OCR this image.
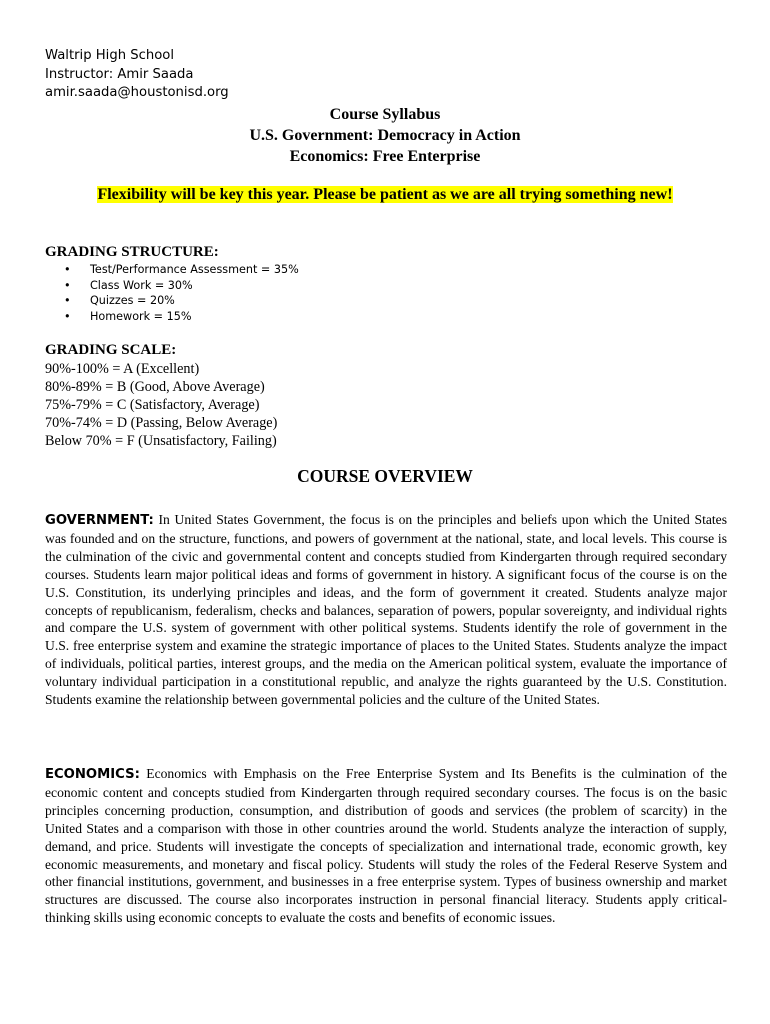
Waltrip High School
Instructor: Amir Saada
amir.saada@houstonisd.org
Course Syllabus
U.S. Government: Democracy in Action
Economics: Free Enterprise
Flexibility will be key this year. Please be patient as we are all trying something new!
GRADING STRUCTURE:
• Test/Performance Assessment = 35%
• Class Work = 30%
• Quizzes = 20%
• Homework = 15%
GRADING SCALE:
90%-100% = A (Excellent)
80%-89% = B (Good, Above Average)
75%-79% = C (Satisfactory, Average)
70%-74% = D (Passing, Below Average)
Below 70% = F (Unsatisfactory, Failing)
COURSE OVERVIEW

GOVERNMENT: In United States Government, the focus is on the principles and beliefs upon which the United States was founded and on the structure, functions, and powers of government at the national, state, and local levels. This course is the culmination of the civic and governmental content and concepts studied from Kindergarten through required secondary courses. Students learn major political ideas and forms of government in history. A significant focus of the course is on the U.S. Constitution, its underlying principles and ideas, and the form of government it created. Students analyze major concepts of republicanism, federalism, checks and balances, separation of powers, popular sovereignty, and individual rights and compare the U.S. system of government with other political systems. Students identify the role of government in the U.S. free enterprise system and examine the strategic importance of places to the United States. Students analyze the impact of individuals, political parties, interest groups, and the media on the American political system, evaluate the importance of voluntary individual participation in a constitutional republic, and analyze the rights guaranteed by the U.S. Constitution. Students examine the relationship between governmental policies and the culture of the United States.

ECONOMICS: Economics with Emphasis on the Free Enterprise System and Its Benefits is the culmination of the economic content and concepts studied from Kindergarten through required secondary courses. The focus is on the basic principles concerning production, consumption, and distribution of goods and services (the problem of scarcity) in the United States and a comparison with those in other countries around the world. Students analyze the interaction of supply, demand, and price. Students will investigate the concepts of specialization and international trade, economic growth, key economic measurements, and monetary and fiscal policy. Students will study the roles of the Federal Reserve System and other financial institutions, government, and businesses in a free enterprise system. Types of business ownership and market structures are discussed. The course also incorporates instruction in personal financial literacy. Students apply critical-thinking skills using economic concepts to evaluate the costs and benefits of economic issues.
